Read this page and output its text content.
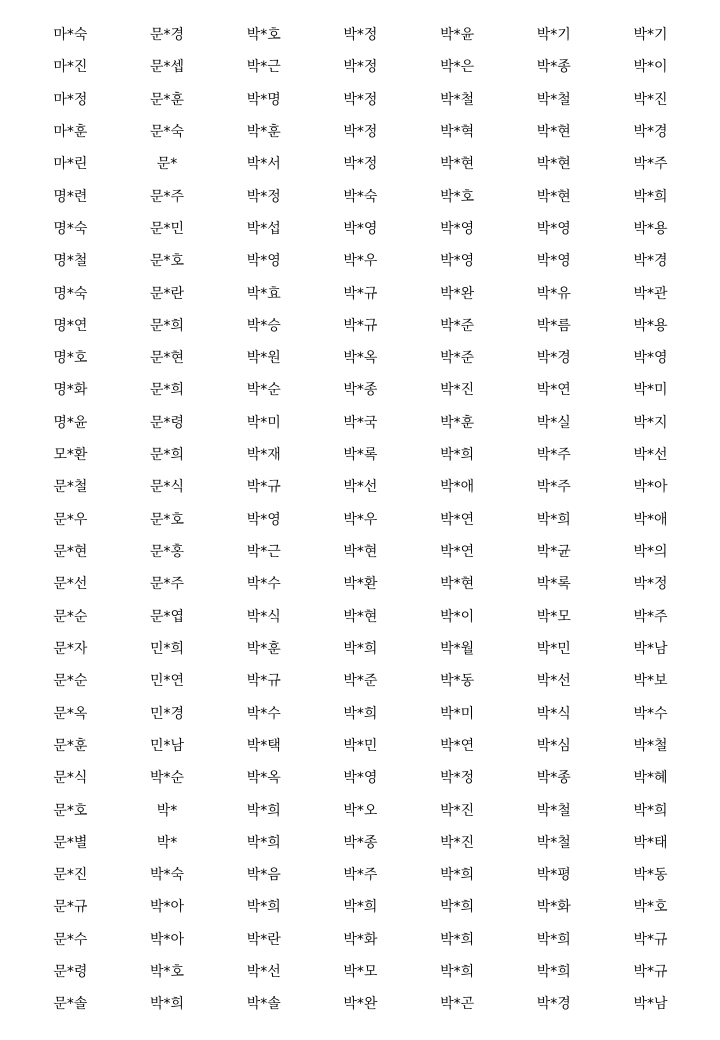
마*숙	문*경	박*호	박*정	박*윤	박*기	박*기
마*진	문*셉	박*근	박*정	박*은	박*종	박*이
마*정	문*훈	박*명	박*정	박*철	박*철	박*진
마*훈	문*숙	박*훈	박*정	박*혁	박*현	박*경
마*린	문*	박*서	박*정	박*현	박*현	박*주
명*련	문*주	박*정	박*숙	박*호	박*현	박*희
명*숙	문*민	박*섭	박*영	박*영	박*영	박*용
명*철	문*호	박*영	박*우	박*영	박*영	박*경
명*숙	문*란	박*효	박*규	박*완	박*유	박*관
명*연	문*희	박*승	박*규	박*준	박*름	박*용
명*호	문*현	박*원	박*옥	박*준	박*경	박*영
명*화	문*희	박*순	박*종	박*진	박*연	박*미
명*윤	문*령	박*미	박*국	박*훈	박*실	박*지
모*환	문*희	박*재	박*록	박*희	박*주	박*선
문*철	문*식	박*규	박*선	박*애	박*주	박*아
문*우	문*호	박*영	박*우	박*연	박*희	박*애
문*현	문*홍	박*근	박*현	박*연	박*균	박*의
문*선	문*주	박*수	박*환	박*현	박*록	박*정
문*순	문*엽	박*식	박*현	박*이	박*모	박*주
문*자	민*희	박*훈	박*희	박*월	박*민	박*남
문*순	민*연	박*규	박*준	박*동	박*선	박*보
문*옥	민*경	박*수	박*희	박*미	박*식	박*수
문*훈	민*남	박*택	박*민	박*연	박*심	박*철
문*식	박*순	박*옥	박*영	박*정	박*종	박*혜
문*호	박*	박*희	박*오	박*진	박*철	박*희
문*별	박*	박*희	박*종	박*진	박*철	박*태
문*진	박*숙	박*음	박*주	박*희	박*평	박*동
문*규	박*아	박*희	박*희	박*희	박*화	박*호
문*수	박*아	박*란	박*화	박*희	박*희	박*규
문*령	박*호	박*선	박*모	박*희	박*희	박*규
문*솔	박*희	박*솔	박*완	박*곤	박*경	박*남
